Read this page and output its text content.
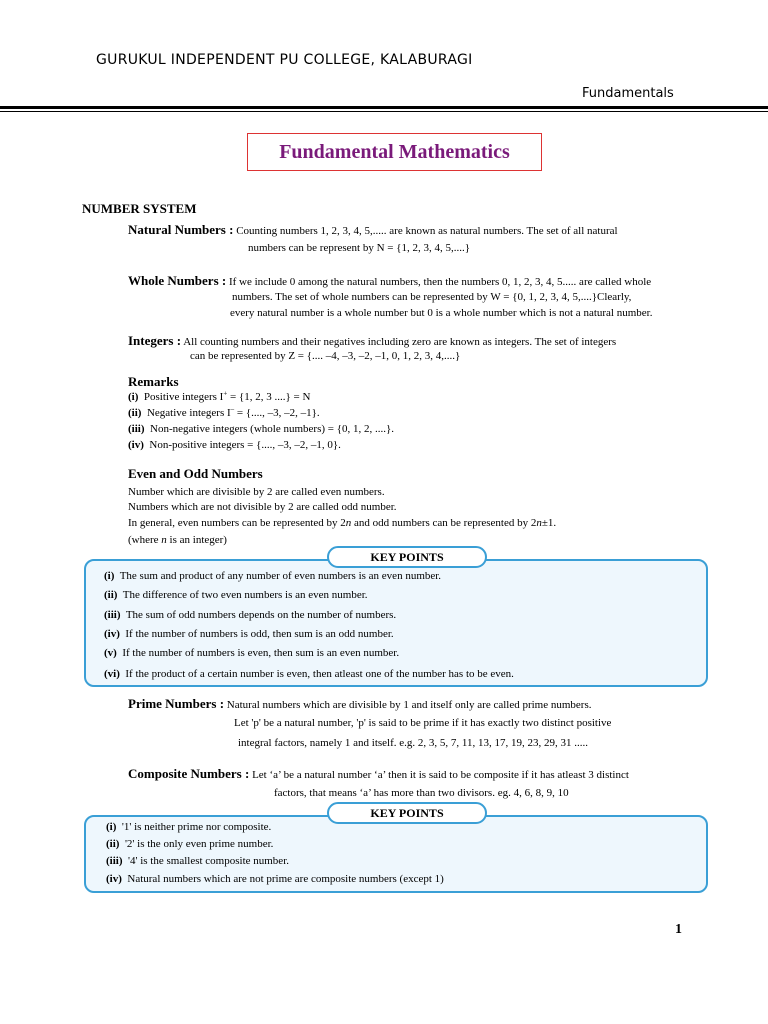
GURUKUL INDEPENDENT PU COLLEGE, KALABURAGI
Fundamentals
Fundamental Mathematics
NUMBER SYSTEM
Natural Numbers : Counting numbers 1, 2, 3, 4, 5,..... are known as natural numbers. The set of all natural
numbers can be represent by N = {1, 2, 3, 4, 5,....}
Whole Numbers : If we include 0 among the natural numbers, then the numbers 0, 1, 2, 3, 4, 5..... are called whole
numbers. The set of whole numbers can be represented by W = {0, 1, 2, 3, 4, 5,....}Clearly,
every natural number is a whole number but 0 is a whole number which is not a natural number.
Integers : All counting numbers and their negatives including zero are known as integers. The set of integers
can be represented by Z = {.... –4, –3, –2, –1, 0, 1, 2, 3, 4,....}
Remarks
(i) Positive integers I+ = {1, 2, 3 ....} = N
(ii) Negative integers I– = {...., –3, –2, –1}.
(iii) Non-negative integers (whole numbers) = {0, 1, 2, ....}.
(iv) Non-positive integers = {...., –3, –2, –1, 0}.
Even and Odd Numbers
Number which are divisible by 2 are called even numbers.
Numbers which are not divisible by 2 are called odd number.
In general, even numbers can be represented by 2n and odd numbers can be represented by 2n±1.
(where n is an integer)
KEY POINTS
(i) The sum and product of any number of even numbers is an even number.
(ii) The difference of two even numbers is an even number.
(iii) The sum of odd numbers depends on the number of numbers.
(iv) If the number of numbers is odd, then sum is an odd number.
(v) If the number of numbers is even, then sum is an even number.
(vi) If the product of a certain number is even, then atleast one of the number has to be even.
Prime Numbers : Natural numbers which are divisible by 1 and itself only are called prime numbers.
Let 'p' be a natural number, 'p' is said to be prime if it has exactly two distinct positive
integral factors, namely 1 and itself. e.g. 2, 3, 5, 7, 11, 13, 17, 19, 23, 29, 31 .....
Composite Numbers : Let ‘a’ be a natural number ‘a’ then it is said to be composite if it has atleast 3 distinct
factors, that means ‘a’ has more than two divisors. eg. 4, 6, 8, 9, 10
KEY POINTS
(i) '1' is neither prime nor composite.
(ii) '2' is the only even prime number.
(iii) '4' is the smallest composite number.
(iv) Natural numbers which are not prime are composite numbers (except 1)
1
